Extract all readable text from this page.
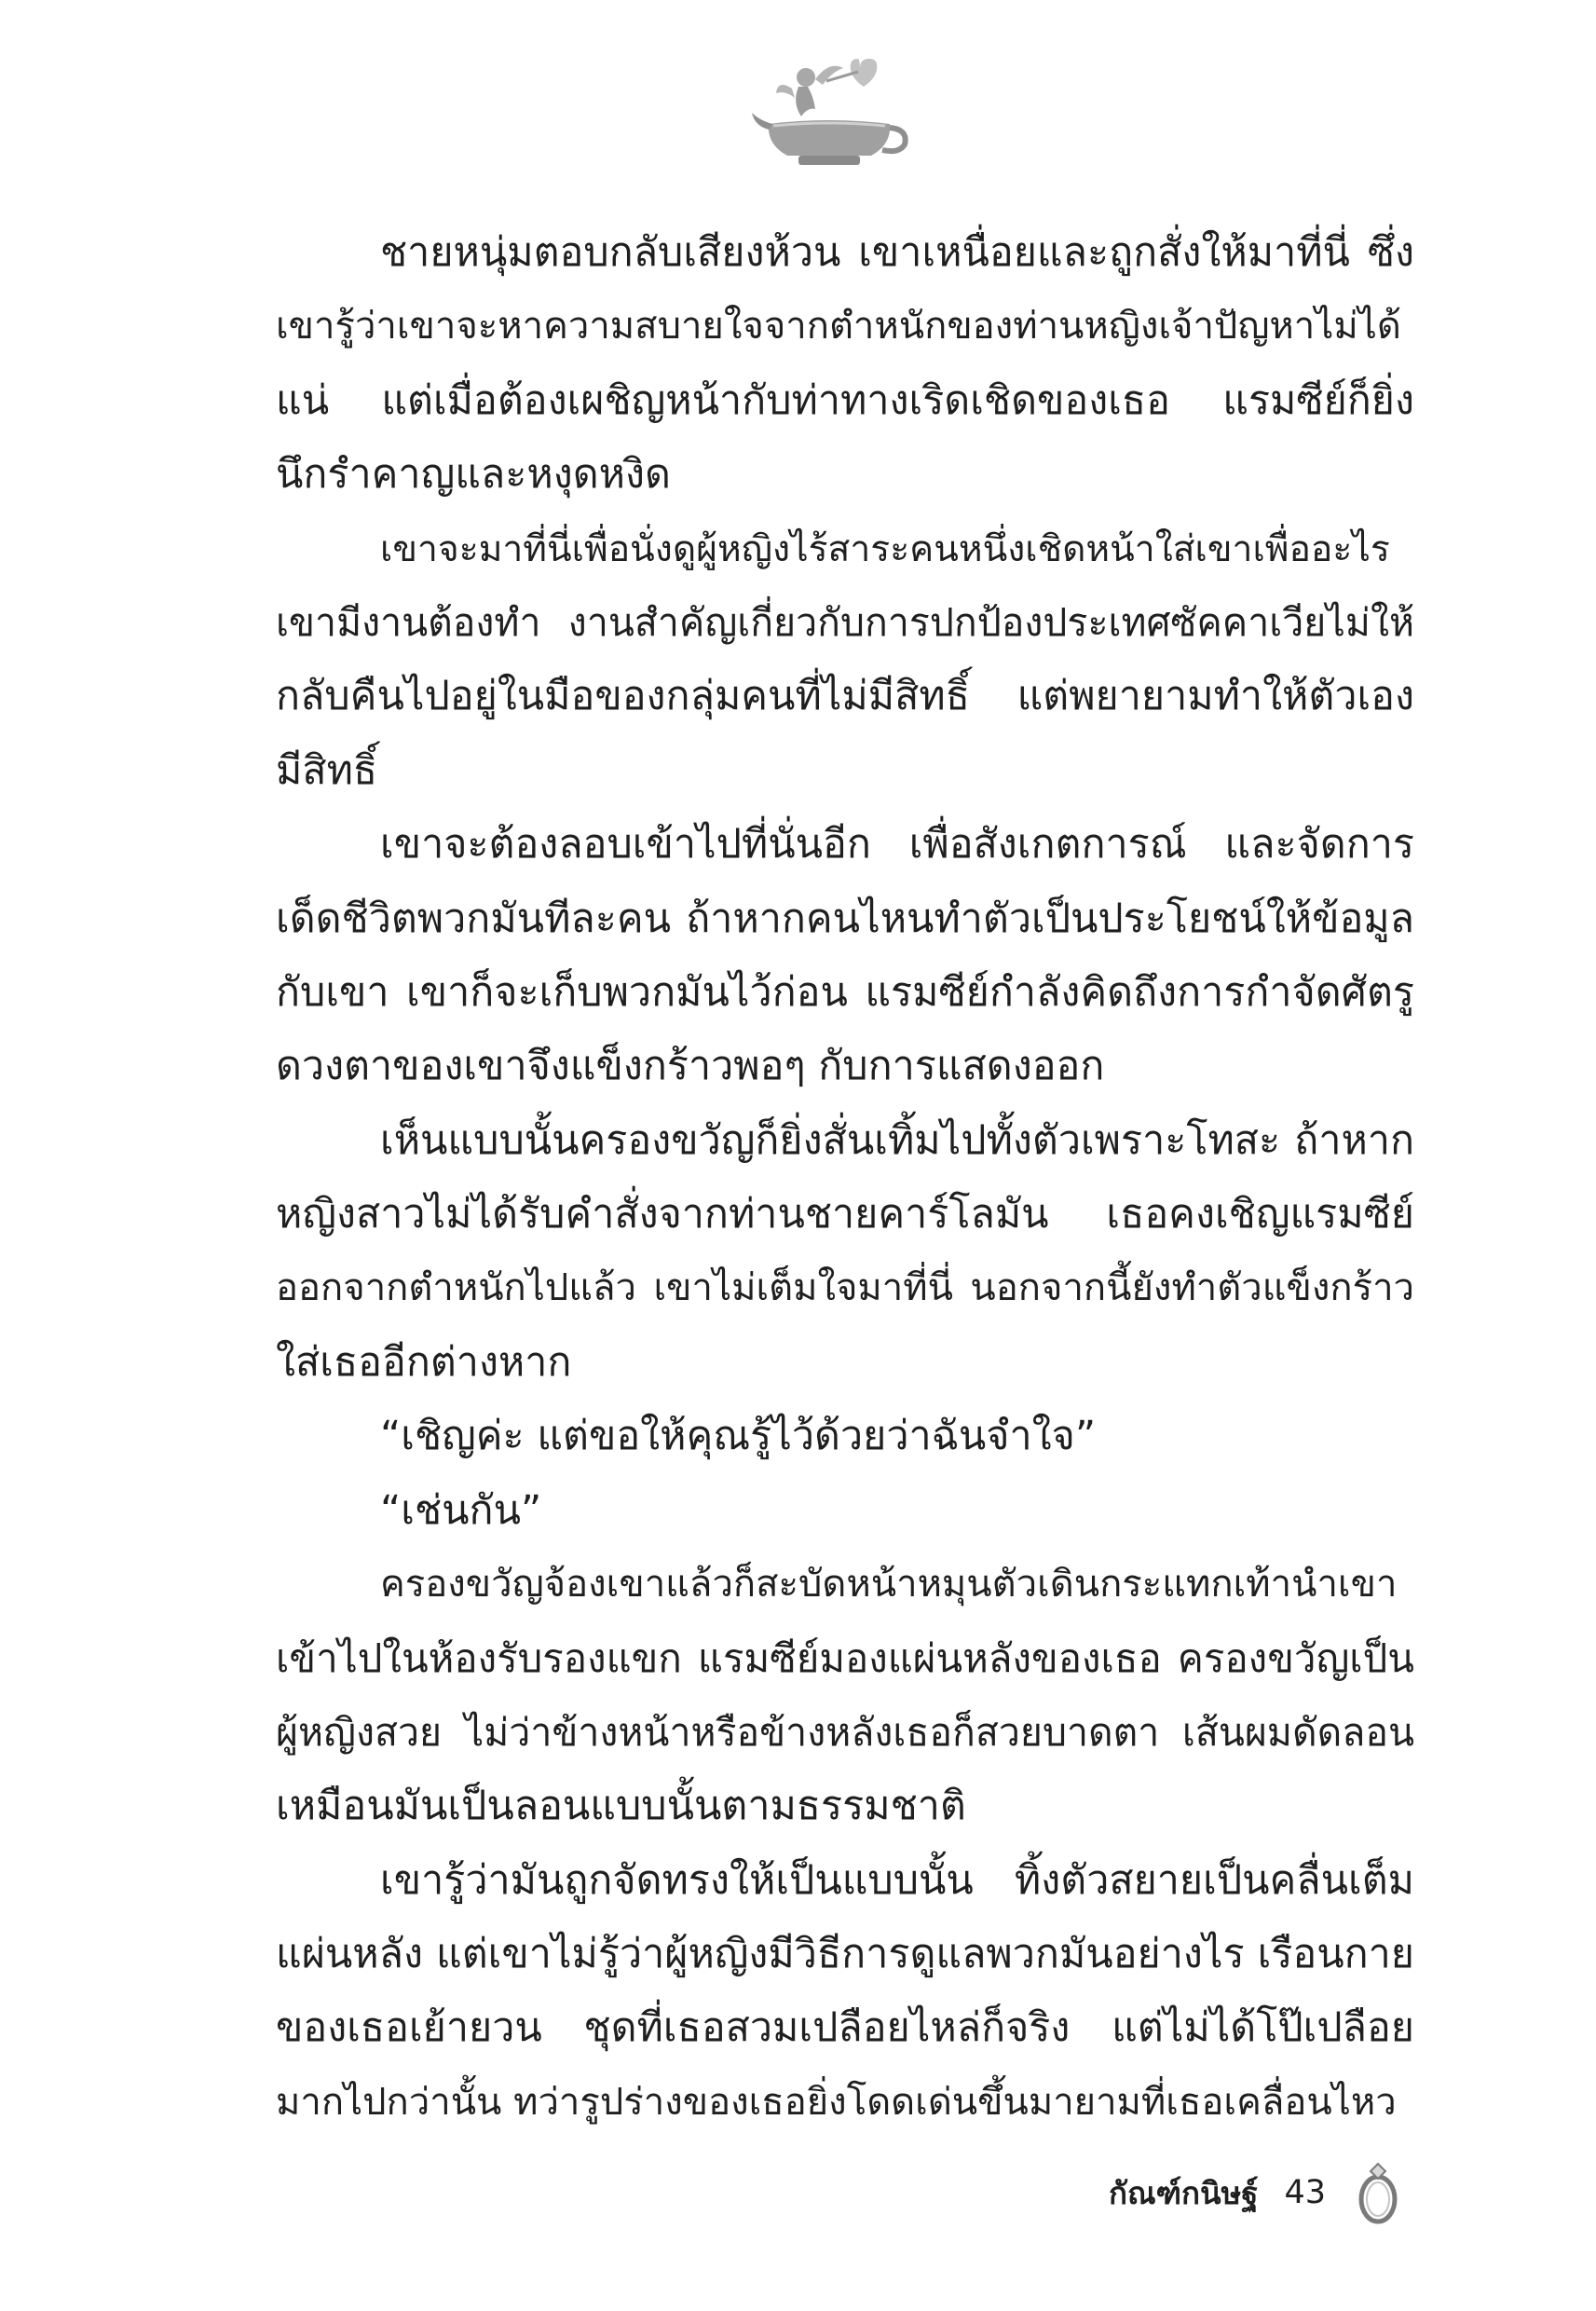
ชายหนุ่มตอบกลับเสียงห้วน เขาเหนื่อยและถูกสั่งให้มาที่นี่ ซึ่ง
เขารู้ว่าเขาจะหาความสบายใจจากตำหนักของท่านหญิงเจ้าปัญหาไม่ได้
แน่ แต่เมื่อต้องเผชิญหน้ากับท่าทางเริดเชิดของเธอ แรมซีย์ก็ยิ่ง
นึกรำคาญและหงุดหงิด
เขาจะมาที่นี่เพื่อนั่งดูผู้หญิงไร้สาระคนหนึ่งเชิดหน้าใส่เขาเพื่ออะไร
เขามีงานต้องทำ งานสำคัญเกี่ยวกับการปกป้องประเทศซัคคาเวียไม่ให้
กลับคืนไปอยู่ในมือของกลุ่มคนที่ไม่มีสิทธิ์ แต่พยายามทำให้ตัวเอง
มีสิทธิ์
เขาจะต้องลอบเข้าไปที่นั่นอีก เพื่อสังเกตการณ์ และจัดการ
เด็ดชีวิตพวกมันทีละคน ถ้าหากคนไหนทำตัวเป็นประโยชน์ให้ข้อมูล
กับเขา เขาก็จะเก็บพวกมันไว้ก่อน แรมซีย์กำลังคิดถึงการกำจัดศัตรู
ดวงตาของเขาจึงแข็งกร้าวพอๆ กับการแสดงออก
เห็นแบบนั้นครองขวัญก็ยิ่งสั่นเทิ้มไปทั้งตัวเพราะโทสะ ถ้าหาก
หญิงสาวไม่ได้รับคำสั่งจากท่านชายคาร์โลมัน เธอคงเชิญแรมซีย์
ออกจากตำหนักไปแล้ว เขาไม่เต็มใจมาที่นี่ นอกจากนี้ยังทำตัวแข็งกร้าว
ใส่เธออีกต่างหาก
“เชิญค่ะ แต่ขอให้คุณรู้ไว้ด้วยว่าฉันจำใจ”
“เช่นกัน”
ครองขวัญจ้องเขาแล้วก็สะบัดหน้าหมุนตัวเดินกระแทกเท้านำเขา
เข้าไปในห้องรับรองแขก แรมซีย์มองแผ่นหลังของเธอ ครองขวัญเป็น
ผู้หญิงสวย ไม่ว่าข้างหน้าหรือข้างหลังเธอก็สวยบาดตา เส้นผมดัดลอน
เหมือนมันเป็นลอนแบบนั้นตามธรรมชาติ
เขารู้ว่ามันถูกจัดทรงให้เป็นแบบนั้น ทิ้งตัวสยายเป็นคลื่นเต็ม
แผ่นหลัง แต่เขาไม่รู้ว่าผู้หญิงมีวิธีการดูแลพวกมันอย่างไร เรือนกาย
ของเธอเย้ายวน ชุดที่เธอสวมเปลือยไหล่ก็จริง แต่ไม่ได้โป๊เปลือย
มากไปกว่านั้น ทว่ารูปร่างของเธอยิ่งโดดเด่นขึ้นมายามที่เธอเคลื่อนไหว
กัณฑ์กนิษฐ์ 43
